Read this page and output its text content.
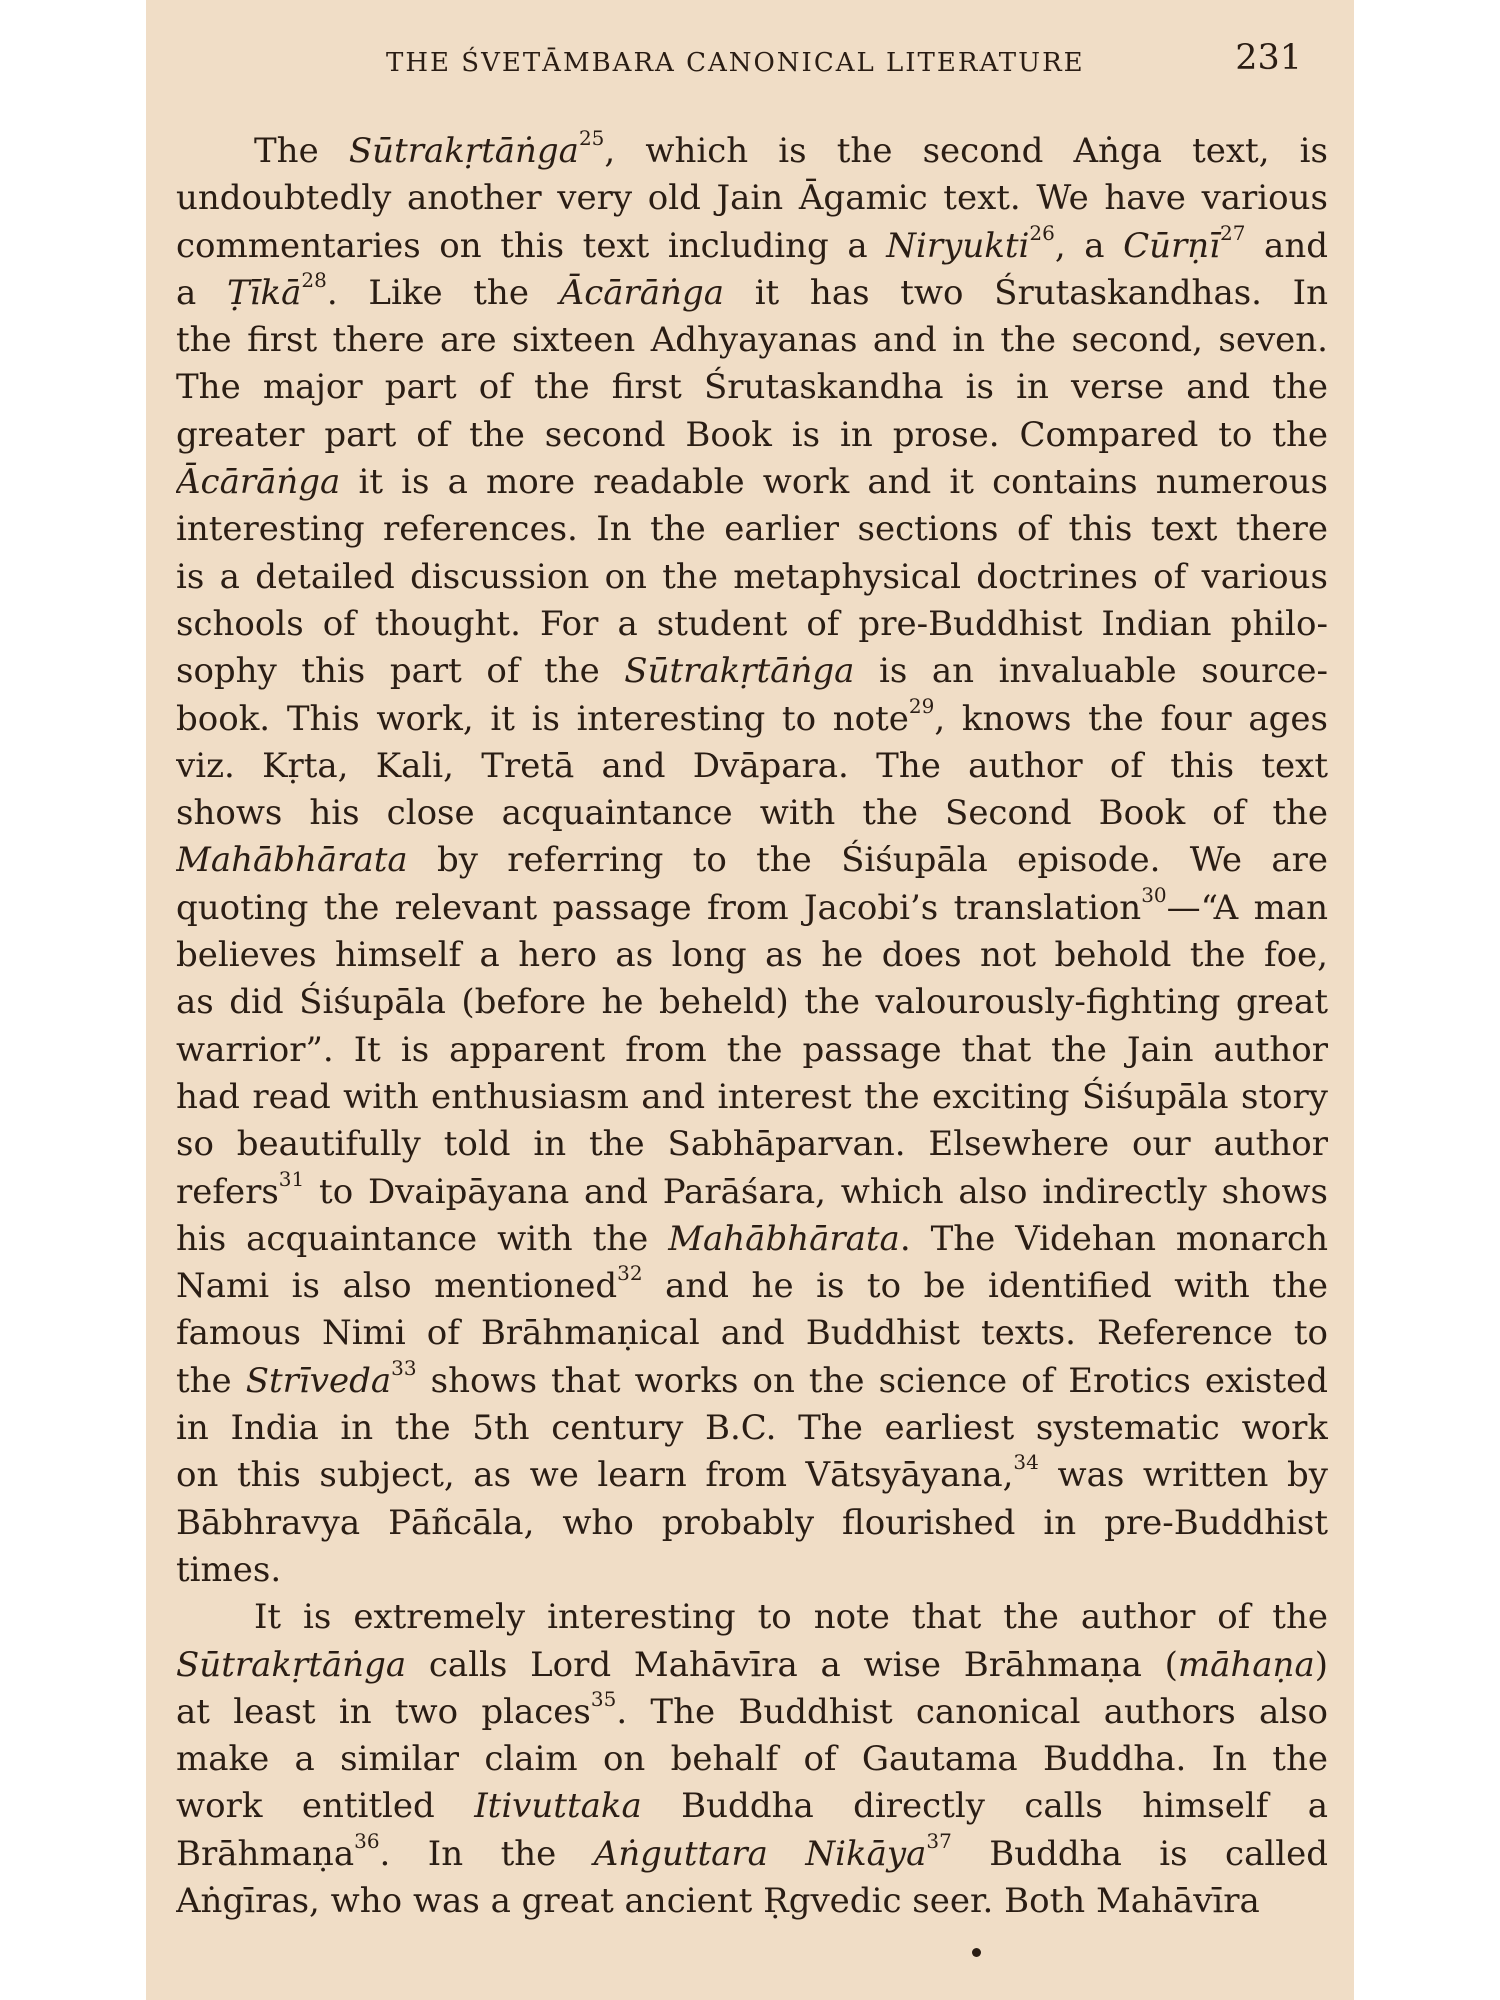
THE ŚVETĀMBARA CANONICAL LITERATURE	231
The Sūtrakṛtāṅga$^{25}$, which is the second Aṅga text, is
undoubtedly another very old Jain Āgamic text. We have various
commentaries on this text including a Niryukti$^{26}$, a Cūrṇī$^{27}$ and
a Ṭīkā$^{28}$. Like the Ācārāṅga it has two Śrutaskandhas. In
the first there are sixteen Adhyayanas and in the second, seven.
The major part of the first Śrutaskandha is in verse and the
greater part of the second Book is in prose. Compared to the
Ācārāṅga it is a more readable work and it contains numerous
interesting references. In the earlier sections of this text there
is a detailed discussion on the metaphysical doctrines of various
schools of thought. For a student of pre-Buddhist Indian philo-
sophy this part of the Sūtrakṛtāṅga is an invaluable source-
book. This work, it is interesting to note$^{29}$, knows the four ages
viz. Kṛta, Kali, Tretā and Dvāpara. The author of this text
shows his close acquaintance with the Second Book of the
Mahābhārata by referring to the Śiśupāla episode. We are
quoting the relevant passage from Jacobi’s translation$^{30}$—“A man
believes himself a hero as long as he does not behold the foe,
as did Śiśupāla (before he beheld) the valourously-fighting great
warrior”. It is apparent from the passage that the Jain author
had read with enthusiasm and interest the exciting Śiśupāla story
so beautifully told in the Sabhāparvan. Elsewhere our author
refers$^{31}$ to Dvaipāyana and Parāśara, which also indirectly shows
his acquaintance with the Mahābhārata. The Videhan monarch
Nami is also mentioned$^{32}$ and he is to be identified with the
famous Nimi of Brāhmaṇical and Buddhist texts. Reference to
the Strīveda$^{33}$ shows that works on the science of Erotics existed
in India in the 5th century B.C. The earliest systematic work
on this subject, as we learn from Vātsyāyana,$^{34}$ was written by
Bābhravya Pāñcāla, who probably flourished in pre-Buddhist
times.
It is extremely interesting to note that the author of the
Sūtrakṛtāṅga calls Lord Mahāvīra a wise Brāhmaṇa (māhaṇa)
at least in two places$^{35}$. The Buddhist canonical authors also
make a similar claim on behalf of Gautama Buddha. In the
work entitled Itivuttaka Buddha directly calls himself a
Brāhmaṇa$^{36}$. In the Aṅguttara Nikāya$^{37}$ Buddha is called
Aṅgīras, who was a great ancient Ṛgvedic seer. Both Mahāvīra
